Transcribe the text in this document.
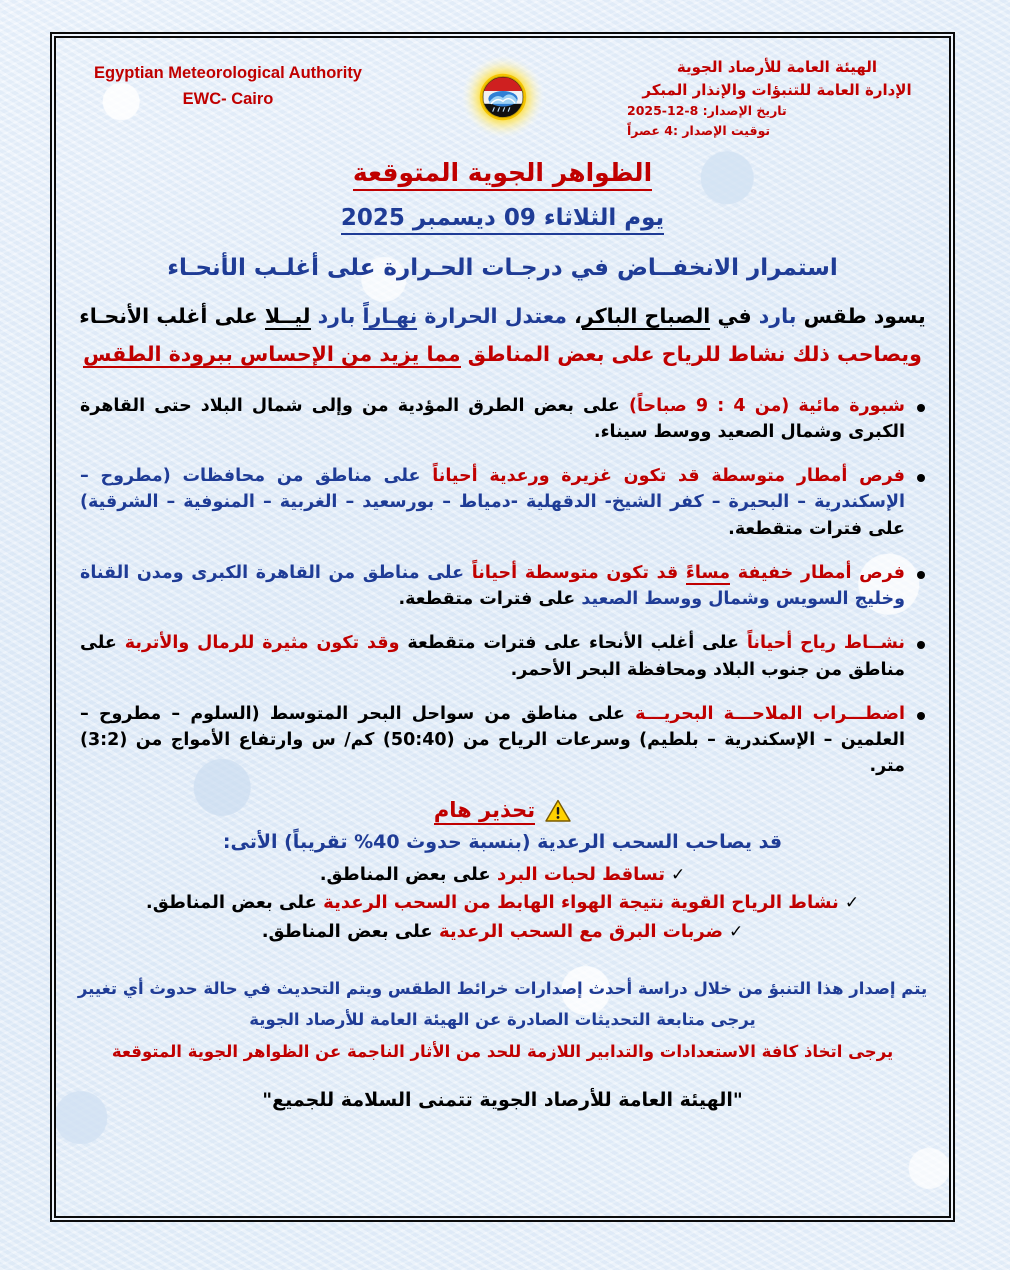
الهيئة العامة للأرصاد الجوية
الإدارة العامة للتنبؤات والإنذار المبكر
تاريخ الإصدار: 8-12-2025
توقيت الإصدار :4 عصراً
Egyptian Meteorological Authority
EWC- Cairo
الظواهر الجوية المتوقعة
يوم الثلاثاء 09 ديسمبر 2025
استمرار الانخفــاض في درجـات الحـرارة على أغلـب الأنحـاء
يسود طقس بارد في الصباح الباكر، معتدل الحرارة نهـاراً بارد ليــلا على أغلب الأنحـاء
ويصاحب ذلك نشاط للرياح على بعض المناطق مما يزيد من الإحساس ببرودة الطقس
شبورة مائية (من 4 : 9 صباحاً) على بعض الطرق المؤدية من وإلى شمال البلاد حتى القاهرة الكبرى وشمال الصعيد ووسط سيناء.
فرص أمطار متوسطة قد تكون غزيرة ورعدية أحياناً على مناطق من محافظات (مطروح – الإسكندرية – البحيرة – كفر الشيخ- الدقهلية -دمياط – بورسعيد – الغربية – المنوفية – الشرقية) على فترات متقطعة.
فرص أمطار خفيفة مساءً قد تكون متوسطة أحياناً على مناطق من القاهرة الكبرى ومدن القناة وخليج السويس وشمال ووسط الصعيد على فترات متقطعة.
نشــاط رياح أحياناً على أغلب الأنحاء على فترات متقطعة وقد تكون مثيرة للرمال والأتربة على مناطق من جنوب البلاد ومحافظة البحر الأحمر.
اضطـــراب الملاحـــة البحريـــة على مناطق من سواحل البحر المتوسط (السلوم – مطروح – العلمين – الإسكندرية – بلطيم) وسرعات الرياح من (50:40) كم/ س وارتفاع الأمواج من (3:2) متر.
تحذير هام
قد يصاحب السحب الرعدية (بنسبة حدوث 40% تقريباً) الأتى:
✓تساقط لحبات البرد على بعض المناطق.
✓نشاط الرياح القوية نتيجة الهواء الهابط من السحب الرعدية على بعض المناطق.
✓ضربات البرق مع السحب الرعدية على بعض المناطق.
يتم إصدار هذا التنبؤ من خلال دراسة أحدث إصدارات خرائط الطقس ويتم التحديث في حالة حدوث أي تغيير
يرجى متابعة التحديثات الصادرة عن الهيئة العامة للأرصاد الجوية
يرجى اتخاذ كافة الاستعدادات والتدابير اللازمة للحد من الأثار الناجمة عن الظواهر الجوية المتوقعة
"الهيئة العامة للأرصاد الجوية تتمنى السلامة للجميع"
